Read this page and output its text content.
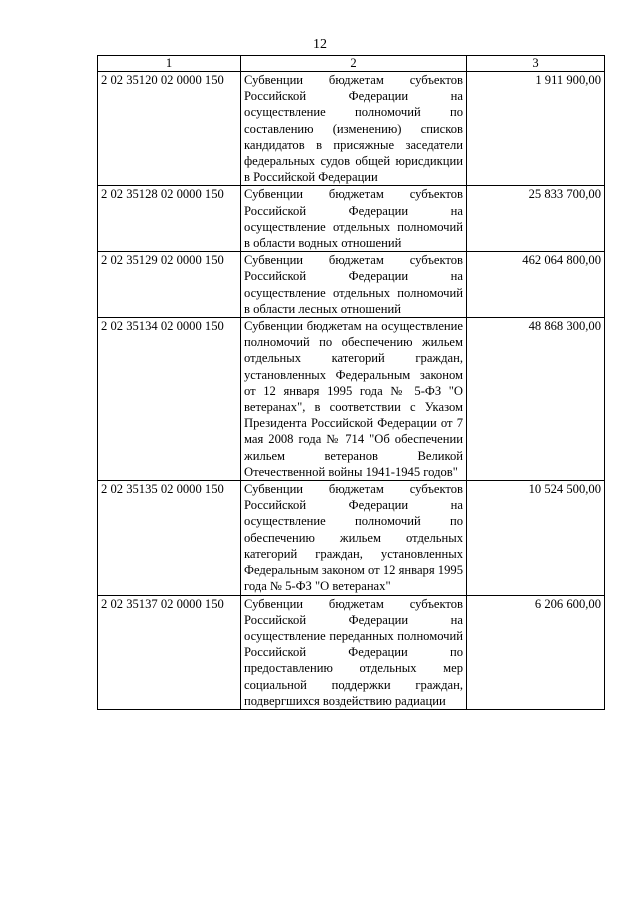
12
1	2	3
2 02 35120 02 0000 150	Субвенции бюджетам субъектов Российской Федерации на осуществление полномочий по составлению (изменению) списков кандидатов в присяжные заседатели федеральных судов общей юрисдикции в Российской Федерации	1 911 900,00
2 02 35128 02 0000 150	Субвенции бюджетам субъектов Российской Федерации на осуществление отдельных полномочий в области водных отношений	25 833 700,00
2 02 35129 02 0000 150	Субвенции бюджетам субъектов Российской Федерации на осуществление отдельных полномочий в области лесных отношений	462 064 800,00
2 02 35134 02 0000 150	Субвенции бюджетам на осуществление полномочий по обеспечению жильем отдельных категорий граждан, установленных Федеральным законом от 12 января 1995 года № 5-ФЗ "О ветеранах", в соответствии с Указом Президента Российской Федерации от 7 мая 2008 года № 714 "Об обеспечении жильем ветеранов Великой Отечественной войны 1941-1945 годов"	48 868 300,00
2 02 35135 02 0000 150	Субвенции бюджетам субъектов Российской Федерации на осуществление полномочий по обеспечению жильем отдельных категорий граждан, установленных Федеральным законом от 12 января 1995 года № 5-ФЗ "О ветеранах"	10 524 500,00
2 02 35137 02 0000 150	Субвенции бюджетам субъектов Российской Федерации на осуществление переданных полномочий Российской Федерации по предоставлению отдельных мер социальной поддержки граждан, подвергшихся воздействию радиации	6 206 600,00
